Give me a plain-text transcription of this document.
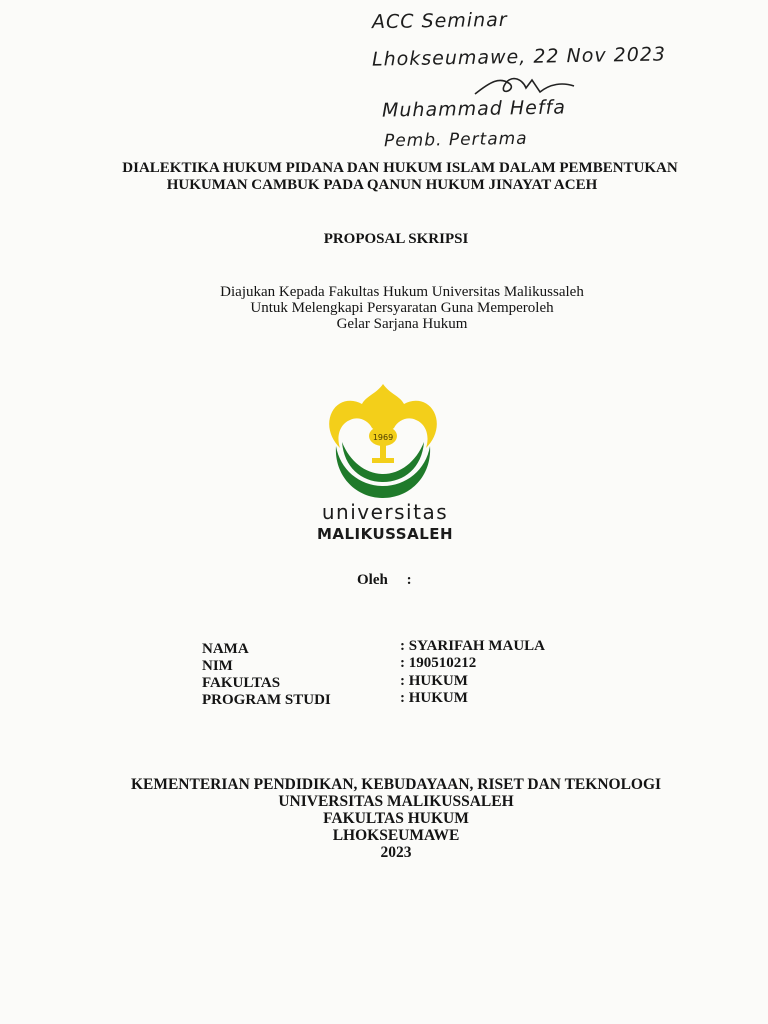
ACC Seminar
Lhokseumawe, 22 Nov 2023
Muhammad Heffa
Pemb. Pertama
DIALEKTIKA HUKUM PIDANA DAN HUKUM ISLAM DALAM PEMBENTUKAN
HUKUMAN CAMBUK PADA QANUN HUKUM JINAYAT ACEH
PROPOSAL SKRIPSI
Diajukan Kepada Fakultas Hukum Universitas Malikussaleh
Untuk Melengkapi Persyaratan Guna Memperoleh
Gelar Sarjana Hukum
1969
universitas
MALIKUSSALEH
Oleh     :
NAMA	: SYARIFAH MAULA
NIM	: 190510212
FAKULTAS	: HUKUM
PROGRAM STUDI	: HUKUM
KEMENTERIAN PENDIDIKAN, KEBUDAYAAN, RISET DAN TEKNOLOGI
UNIVERSITAS MALIKUSSALEH
FAKULTAS HUKUM
LHOKSEUMAWE
2023
